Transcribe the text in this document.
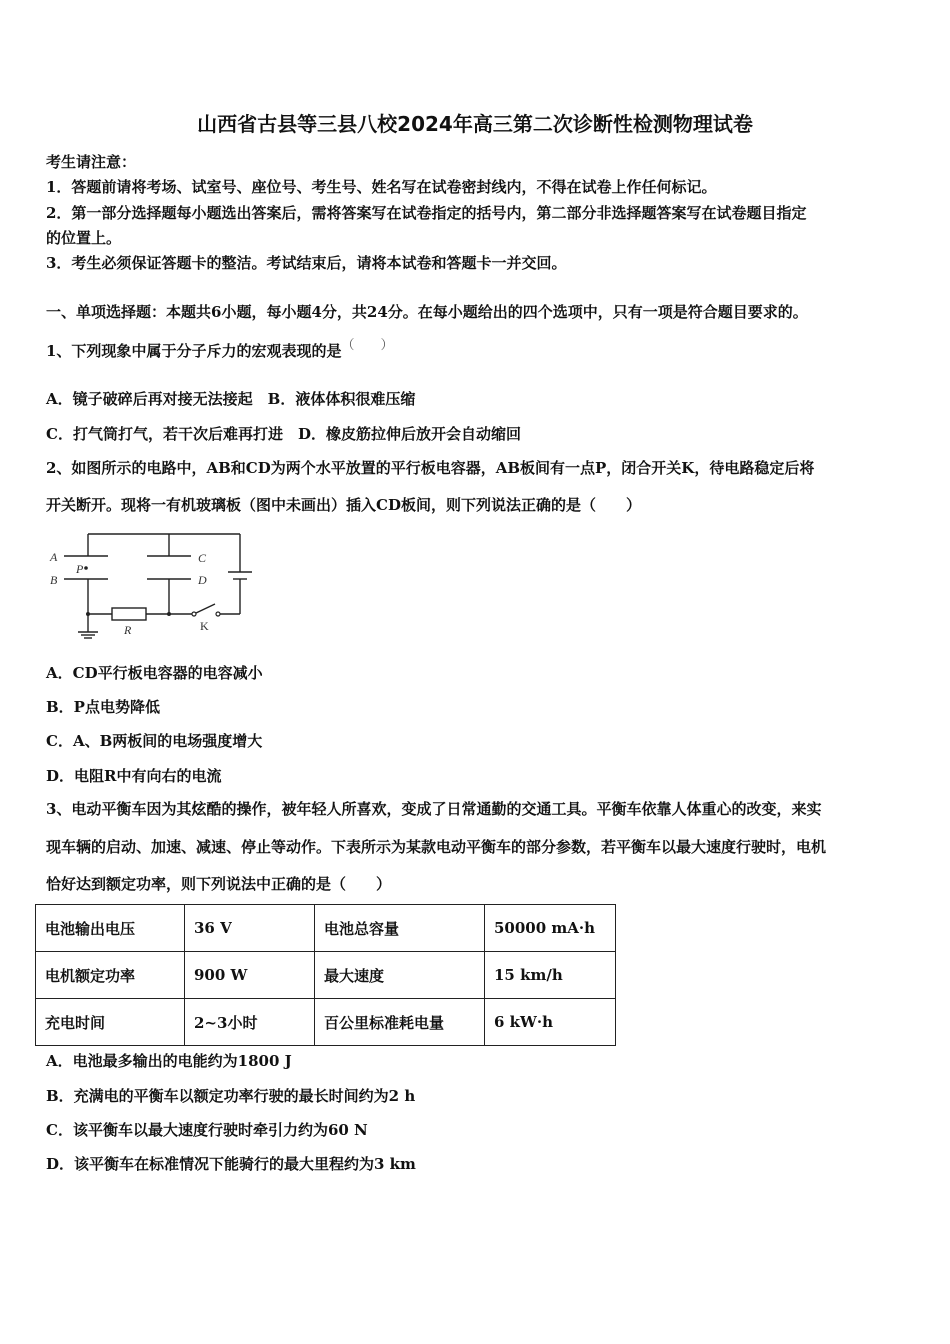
山西省古县等三县八校2024年高三第二次诊断性检测物理试卷
考生请注意：
1．答题前请将考场、试室号、座位号、考生号、姓名写在试卷密封线内，不得在试卷上作任何标记。
2．第一部分选择题每小题选出答案后，需将答案写在试卷指定的括号内，第二部分非选择题答案写在试卷题目指定
的位置上。
3．考生必须保证答题卡的整洁。考试结束后，请将本试卷和答题卡一并交回。
一、单项选择题：本题共6小题，每小题4分，共24分。在每小题给出的四个选项中，只有一项是符合题目要求的。
1、下列现象中属于分子斥力的宏观表现的是（　　）
A．镜子破碎后再对接无法接起　B．液体体积很难压缩
C．打气筒打气，若干次后难再打进　D．橡皮筋拉伸后放开会自动缩回
2、如图所示的电路中，AB和CD为两个水平放置的平行板电容器，AB板间有一点P，闭合开关K，待电路稳定后将
开关断开。现将一有机玻璃板（图中未画出）插入CD板间，则下列说法正确的是（　　）
A
B
P
C
D
R	K
A．CD平行板电容器的电容减小
B．P点电势降低
C．A、B两板间的电场强度增大
D．电阻R中有向右的电流
3、电动平衡车因为其炫酷的操作，被年轻人所喜欢，变成了日常通勤的交通工具。平衡车依靠人体重心的改变，来实
现车辆的启动、加速、减速、停止等动作。下表所示为某款电动平衡车的部分参数，若平衡车以最大速度行驶时，电机
恰好达到额定功率，则下列说法中正确的是（　　）
电池输出电压	36 V	电池总容量	50000 mA·h
电机额定功率	900 W	最大速度	15 km/h
充电时间	2~3小时	百公里标准耗电量	6 kW·h
A．电池最多输出的电能约为1800 J
B．充满电的平衡车以额定功率行驶的最长时间约为2 h
C．该平衡车以最大速度行驶时牵引力约为60 N
D．该平衡车在标准情况下能骑行的最大里程约为3 km
